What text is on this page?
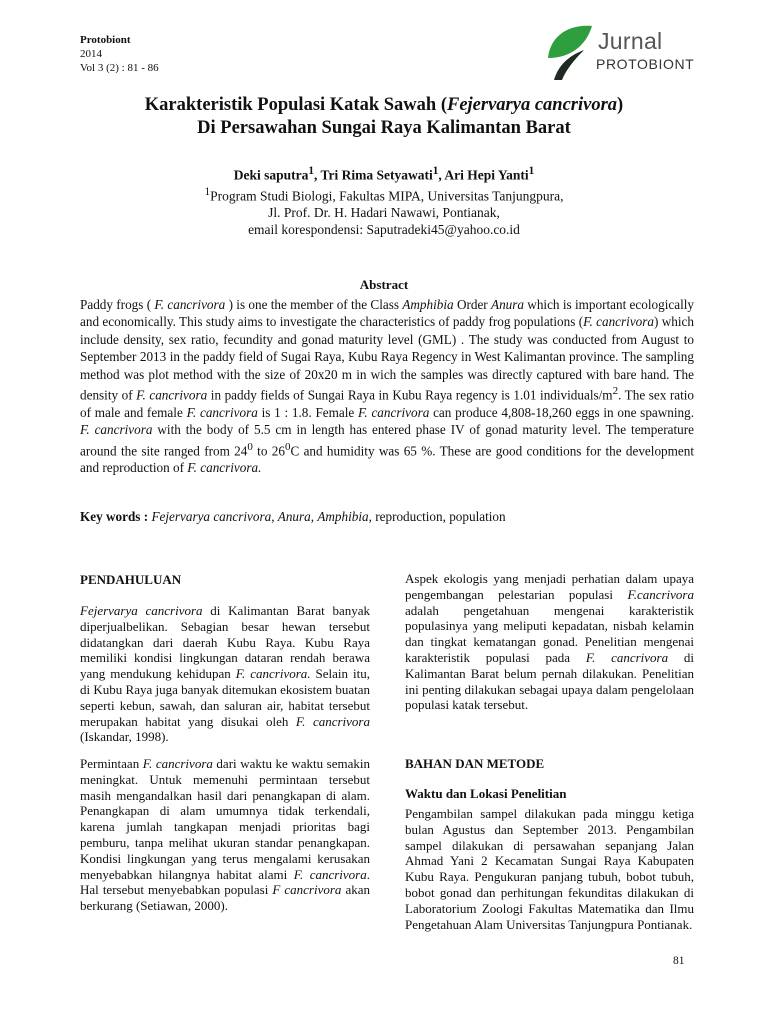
Protobiont
2014
Vol 3 (2) : 81 - 86
Jurnal
PROTOBIONT
Karakteristik Populasi Katak Sawah (Fejervarya cancrivora)
Di Persawahan Sungai Raya Kalimantan Barat
Deki saputra$^1$, Tri Rima Setyawati$^1$, Ari Hepi Yanti$^1$
$^1$Program Studi Biologi, Fakultas MIPA, Universitas Tanjungpura,
Jl. Prof. Dr. H. Hadari Nawawi, Pontianak,
email korespondensi: Saputradeki45@yahoo.co.id
Abstract
Paddy frogs ( F. cancrivora ) is one the member of the Class Amphibia Order Anura which is important ecologically and economically. This study aims to investigate the characteristics of paddy frog populations (F. cancrivora) which include density, sex ratio, fecundity and gonad maturity level (GML) . The study was conducted from August to September 2013 in the paddy field of Sugai Raya, Kubu Raya Regency in West Kalimantan province. The sampling method was plot method with the size of 20x20 m in wich the samples was directly captured with bare hand. The density of F. cancrivora in paddy fields of Sungai Raya in Kubu Raya regency is 1.01 individuals/$m^2$. The sex ratio of male and female F. cancrivora is 1 : 1.8. Female F. cancrivora can produce 4,808-18,260 eggs in one spawning. F. cancrivora with the body of 5.5 cm in length has entered phase IV of gonad maturity level. The temperature around the site ranged from $24^0$ to $26^0C$ and humidity was 65 %. These are good conditions for the development and reproduction of F. cancrivora.
Key words : Fejervarya cancrivora, Anura, Amphibia, reproduction, population
PENDAHULUAN

Fejervarya cancrivora di Kalimantan Barat banyak diperjualbelikan. Sebagian besar hewan tersebut didatangkan dari daerah Kubu Raya. Kubu Raya memiliki kondisi lingkungan dataran rendah berawa yang mendukung kehidupan F. cancrivora. Selain itu, di Kubu Raya juga banyak ditemukan ekosistem buatan seperti kebun, sawah, dan saluran air, habitat tersebut merupakan habitat yang disukai oleh F. cancrivora (Iskandar, 1998).

Permintaan F. cancrivora dari waktu ke waktu semakin meningkat. Untuk memenuhi permintaan tersebut masih mengandalkan hasil dari penangkapan di alam. Penangkapan di alam umumnya tidak terkendali, karena jumlah tangkapan menjadi prioritas bagi pemburu, tanpa melihat ukuran standar penangkapan. Kondisi lingkungan yang terus mengalami kerusakan menyebabkan hilangnya habitat alami F. cancrivora. Hal tersebut menyebabkan populasi F cancrivora akan berkurang (Setiawan, 2000).

Aspek ekologis yang menjadi perhatian dalam upaya pengembangan pelestarian populasi F.cancrivora adalah pengetahuan mengenai karakteristik populasinya yang meliputi kepadatan, nisbah kelamin dan tingkat kematangan gonad. Penelitian mengenai karakteristik populasi pada F. cancrivora di Kalimantan Barat belum pernah dilakukan. Penelitian ini penting dilakukan sebagai upaya dalam pengelolaan populasi katak tersebut.

BAHAN DAN METODE
Waktu dan Lokasi Penelitian

Pengambilan sampel dilakukan pada minggu ketiga bulan Agustus dan September 2013. Pengambilan sampel dilakukan di persawahan sepanjang Jalan Ahmad Yani 2 Kecamatan Sungai Raya Kabupaten Kubu Raya. Pengukuran panjang tubuh, bobot tubuh, bobot gonad dan perhitungan fekunditas dilakukan di Laboratorium Zoologi Fakultas Matematika dan Ilmu Pengetahuan Alam Universitas Tanjungpura Pontianak.

81
